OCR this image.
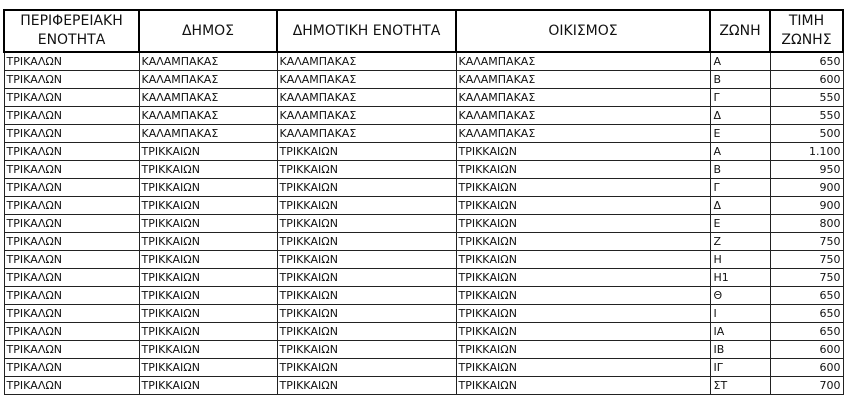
ΠΕΡΙΦΕΡΕΙΑΚΗ ΕΝΟΤΗΤΑ	ΔΗΜΟΣ	ΔΗΜΟΤΙΚΗ ΕΝΟΤΗΤΑ	ΟΙΚΙΣΜΟΣ	ΖΩΝΗ	ΤΙΜΗ ΖΩΝΗΣ
ΤΡΙΚΑΛΩΝ	ΚΑΛΑΜΠΑΚΑΣ	ΚΑΛΑΜΠΑΚΑΣ	ΚΑΛΑΜΠΑΚΑΣ	Α	650
ΤΡΙΚΑΛΩΝ	ΚΑΛΑΜΠΑΚΑΣ	ΚΑΛΑΜΠΑΚΑΣ	ΚΑΛΑΜΠΑΚΑΣ	Β	600
ΤΡΙΚΑΛΩΝ	ΚΑΛΑΜΠΑΚΑΣ	ΚΑΛΑΜΠΑΚΑΣ	ΚΑΛΑΜΠΑΚΑΣ	Γ	550
ΤΡΙΚΑΛΩΝ	ΚΑΛΑΜΠΑΚΑΣ	ΚΑΛΑΜΠΑΚΑΣ	ΚΑΛΑΜΠΑΚΑΣ	Δ	550
ΤΡΙΚΑΛΩΝ	ΚΑΛΑΜΠΑΚΑΣ	ΚΑΛΑΜΠΑΚΑΣ	ΚΑΛΑΜΠΑΚΑΣ	Ε	500
ΤΡΙΚΑΛΩΝ	ΤΡΙΚΚΑΙΩΝ	ΤΡΙΚΚΑΙΩΝ	ΤΡΙΚΚΑΙΩΝ	Α	1.100
ΤΡΙΚΑΛΩΝ	ΤΡΙΚΚΑΙΩΝ	ΤΡΙΚΚΑΙΩΝ	ΤΡΙΚΚΑΙΩΝ	Β	950
ΤΡΙΚΑΛΩΝ	ΤΡΙΚΚΑΙΩΝ	ΤΡΙΚΚΑΙΩΝ	ΤΡΙΚΚΑΙΩΝ	Γ	900
ΤΡΙΚΑΛΩΝ	ΤΡΙΚΚΑΙΩΝ	ΤΡΙΚΚΑΙΩΝ	ΤΡΙΚΚΑΙΩΝ	Δ	900
ΤΡΙΚΑΛΩΝ	ΤΡΙΚΚΑΙΩΝ	ΤΡΙΚΚΑΙΩΝ	ΤΡΙΚΚΑΙΩΝ	Ε	800
ΤΡΙΚΑΛΩΝ	ΤΡΙΚΚΑΙΩΝ	ΤΡΙΚΚΑΙΩΝ	ΤΡΙΚΚΑΙΩΝ	Ζ	750
ΤΡΙΚΑΛΩΝ	ΤΡΙΚΚΑΙΩΝ	ΤΡΙΚΚΑΙΩΝ	ΤΡΙΚΚΑΙΩΝ	Η	750
ΤΡΙΚΑΛΩΝ	ΤΡΙΚΚΑΙΩΝ	ΤΡΙΚΚΑΙΩΝ	ΤΡΙΚΚΑΙΩΝ	Η1	750
ΤΡΙΚΑΛΩΝ	ΤΡΙΚΚΑΙΩΝ	ΤΡΙΚΚΑΙΩΝ	ΤΡΙΚΚΑΙΩΝ	Θ	650
ΤΡΙΚΑΛΩΝ	ΤΡΙΚΚΑΙΩΝ	ΤΡΙΚΚΑΙΩΝ	ΤΡΙΚΚΑΙΩΝ	Ι	650
ΤΡΙΚΑΛΩΝ	ΤΡΙΚΚΑΙΩΝ	ΤΡΙΚΚΑΙΩΝ	ΤΡΙΚΚΑΙΩΝ	ΙΑ	650
ΤΡΙΚΑΛΩΝ	ΤΡΙΚΚΑΙΩΝ	ΤΡΙΚΚΑΙΩΝ	ΤΡΙΚΚΑΙΩΝ	ΙΒ	600
ΤΡΙΚΑΛΩΝ	ΤΡΙΚΚΑΙΩΝ	ΤΡΙΚΚΑΙΩΝ	ΤΡΙΚΚΑΙΩΝ	ΙΓ	600
ΤΡΙΚΑΛΩΝ	ΤΡΙΚΚΑΙΩΝ	ΤΡΙΚΚΑΙΩΝ	ΤΡΙΚΚΑΙΩΝ	ΣΤ	700
